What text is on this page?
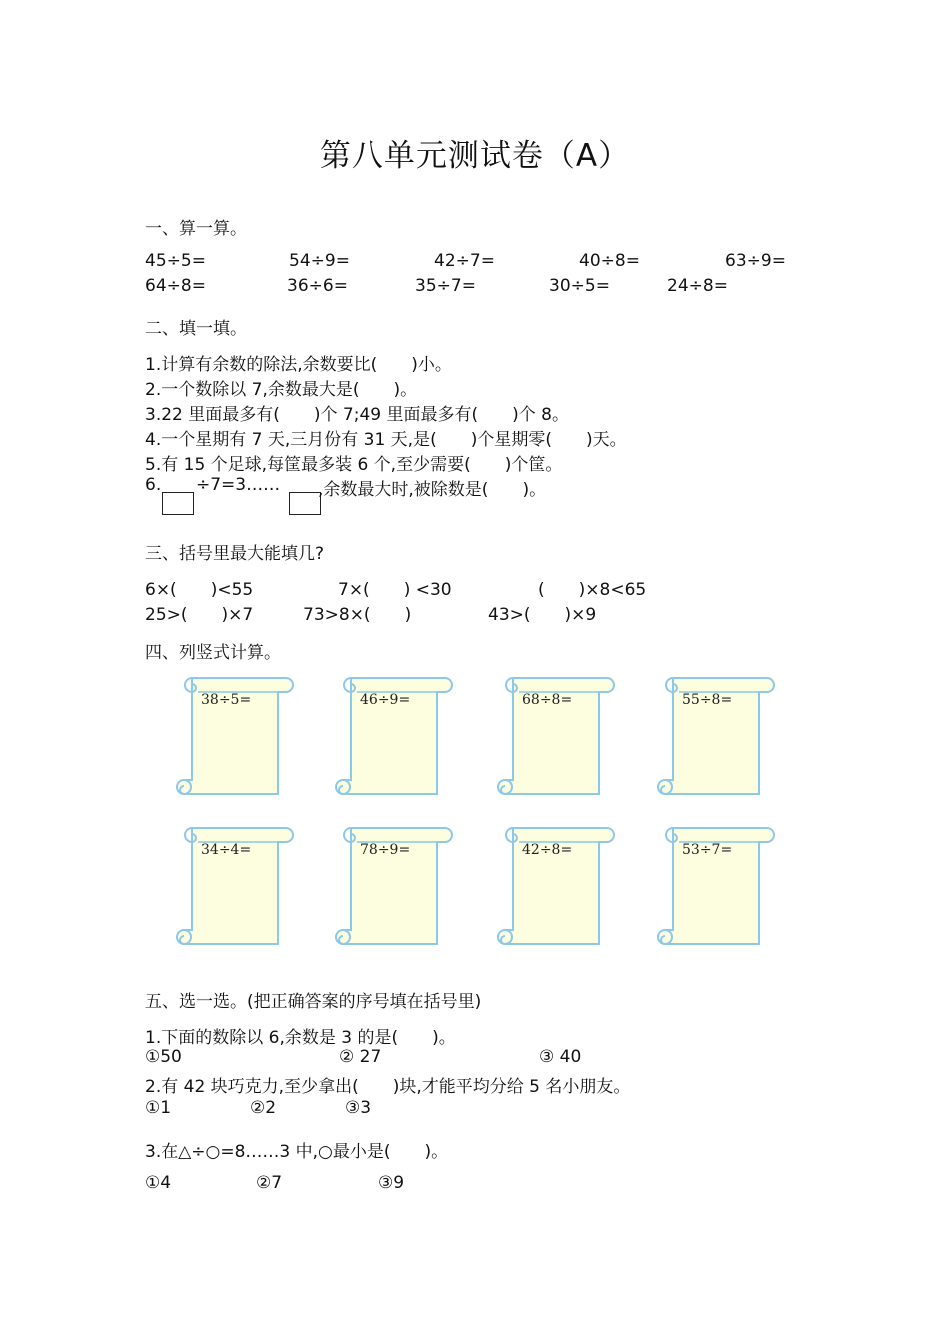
第八单元测试卷（A）
一、算一算。
45÷5=	54÷9=	42÷7=	40÷8=	63÷9=
64÷8=	36÷6=	35÷7=	30÷5=	24÷8=
二、填一填。
1.计算有余数的除法,余数要比(　　)小。
2.一个数除以 7,余数最大是(　　)。
3.22 里面最多有(　　)个 7;49 里面最多有(　　)个 8。
4.一个星期有 7 天,三月份有 31 天,是(　　)个星期零(　　)天。
5.有 15 个足球,每筐最多装 6 个,至少需要(　　)个筐。
6. ÷7=3…… ,余数最大时,被除数是(　　)。
三、括号里最大能填几?
6×(　　)<55	7×(　　) <30	(　　)×8<65
25>(　　)×7	73>8×(　　)	43>(　　)×9
四、列竖式计算。
38÷5=	46÷9=	68÷8=	55÷8=
34÷4=	78÷9=	42÷8=	53÷7=
五、选一选。(把正确答案的序号填在括号里)
1.下面的数除以 6,余数是 3 的是(　　)。
①50	② 27	③ 40
2.有 42 块巧克力,至少拿出(　　)块,才能平均分给 5 名小朋友。
①1	②2	③3
3.在△÷○=8……3 中,○最小是(　　)。
①4	②7	③9
